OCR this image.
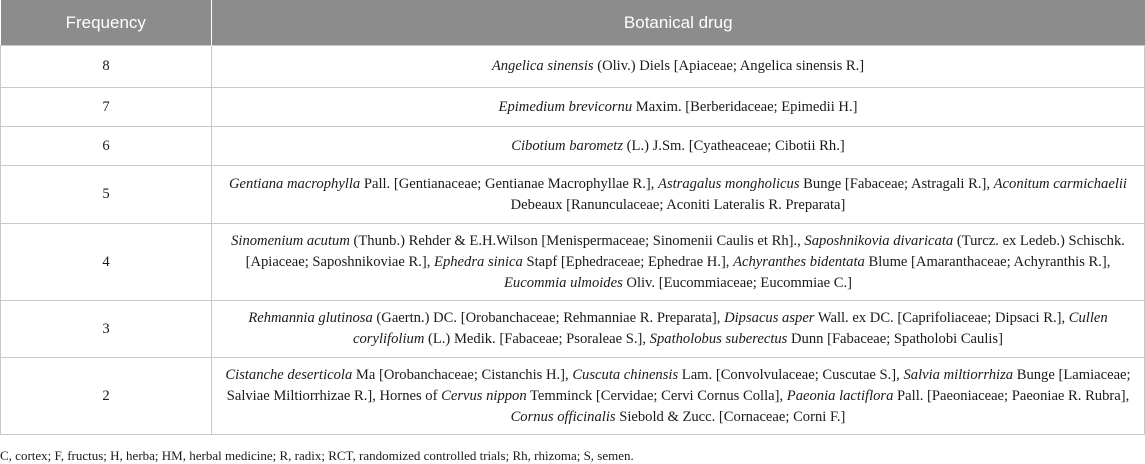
Frequency	Botanical drug
8	Angelica sinensis (Oliv.) Diels [Apiaceae; Angelica sinensis R.]
7	Epimedium brevicornu Maxim. [Berberidaceae; Epimedii H.]
6	Cibotium barometz (L.) J.Sm. [Cyatheaceae; Cibotii Rh.]
5	Gentiana macrophylla Pall. [Gentianaceae; Gentianae Macrophyllae R.], Astragalus mongholicus Bunge [Fabaceae; Astragali R.], Aconitum carmichaelii Debeaux [Ranunculaceae; Aconiti Lateralis R. Preparata]
4	Sinomenium acutum (Thunb.) Rehder & E.H.Wilson [Menispermaceae; Sinomenii Caulis et Rh]., Saposhnikovia divaricata (Turcz. ex Ledeb.) Schischk. [Apiaceae; Saposhnikoviae R.], Ephedra sinica Stapf [Ephedraceae; Ephedrae H.], Achyranthes bidentata Blume [Amaranthaceae; Achyranthis R.], Eucommia ulmoides Oliv. [Eucommiaceae; Eucommiae C.]
3	Rehmannia glutinosa (Gaertn.) DC. [Orobanchaceae; Rehmanniae R. Preparata], Dipsacus asper Wall. ex DC. [Caprifoliaceae; Dipsaci R.], Cullen corylifolium (L.) Medik. [Fabaceae; Psoraleae S.], Spatholobus suberectus Dunn [Fabaceae; Spatholobi Caulis]
2	Cistanche deserticola Ma [Orobanchaceae; Cistanchis H.], Cuscuta chinensis Lam. [Convolvulaceae; Cuscutae S.], Salvia miltiorrhiza Bunge [Lamiaceae; Salviae Miltiorrhizae R.], Hornes of Cervus nippon Temminck [Cervidae; Cervi Cornus Colla], Paeonia lactiflora Pall. [Paeoniaceae; Paeoniae R. Rubra], Cornus officinalis Siebold & Zucc. [Cornaceae; Corni F.]
C, cortex; F, fructus; H, herba; HM, herbal medicine; R, radix; RCT, randomized controlled trials; Rh, rhizoma; S, semen.
